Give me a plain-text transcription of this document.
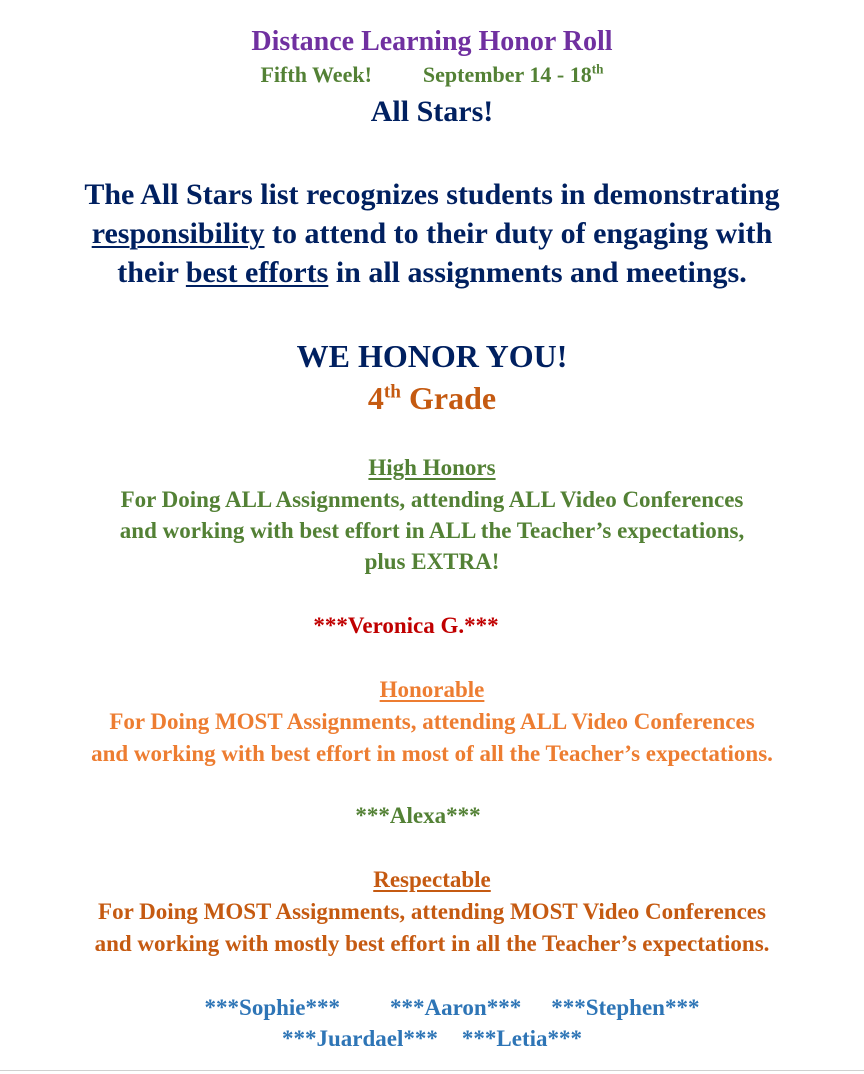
Distance Learning Honor Roll
Fifth Week! September 14 - 18th
All Stars!
The All Stars list recognizes students in demonstrating
responsibility to attend to their duty of engaging with
their best efforts in all assignments and meetings.
WE HONOR YOU!
4th Grade
High Honors
For Doing ALL Assignments, attending ALL Video Conferences
and working with best effort in ALL the Teacher’s expectations,
plus EXTRA!
***Veronica G.***
Honorable
For Doing MOST Assignments, attending ALL Video Conferences
and working with best effort in most of all the Teacher’s expectations.
***Alexa***
Respectable
For Doing MOST Assignments, attending MOST Video Conferences
and working with mostly best effort in all the Teacher’s expectations.
***Sophie*** ***Aaron*** ***Stephen***
***Juardael*** ***Letia***
